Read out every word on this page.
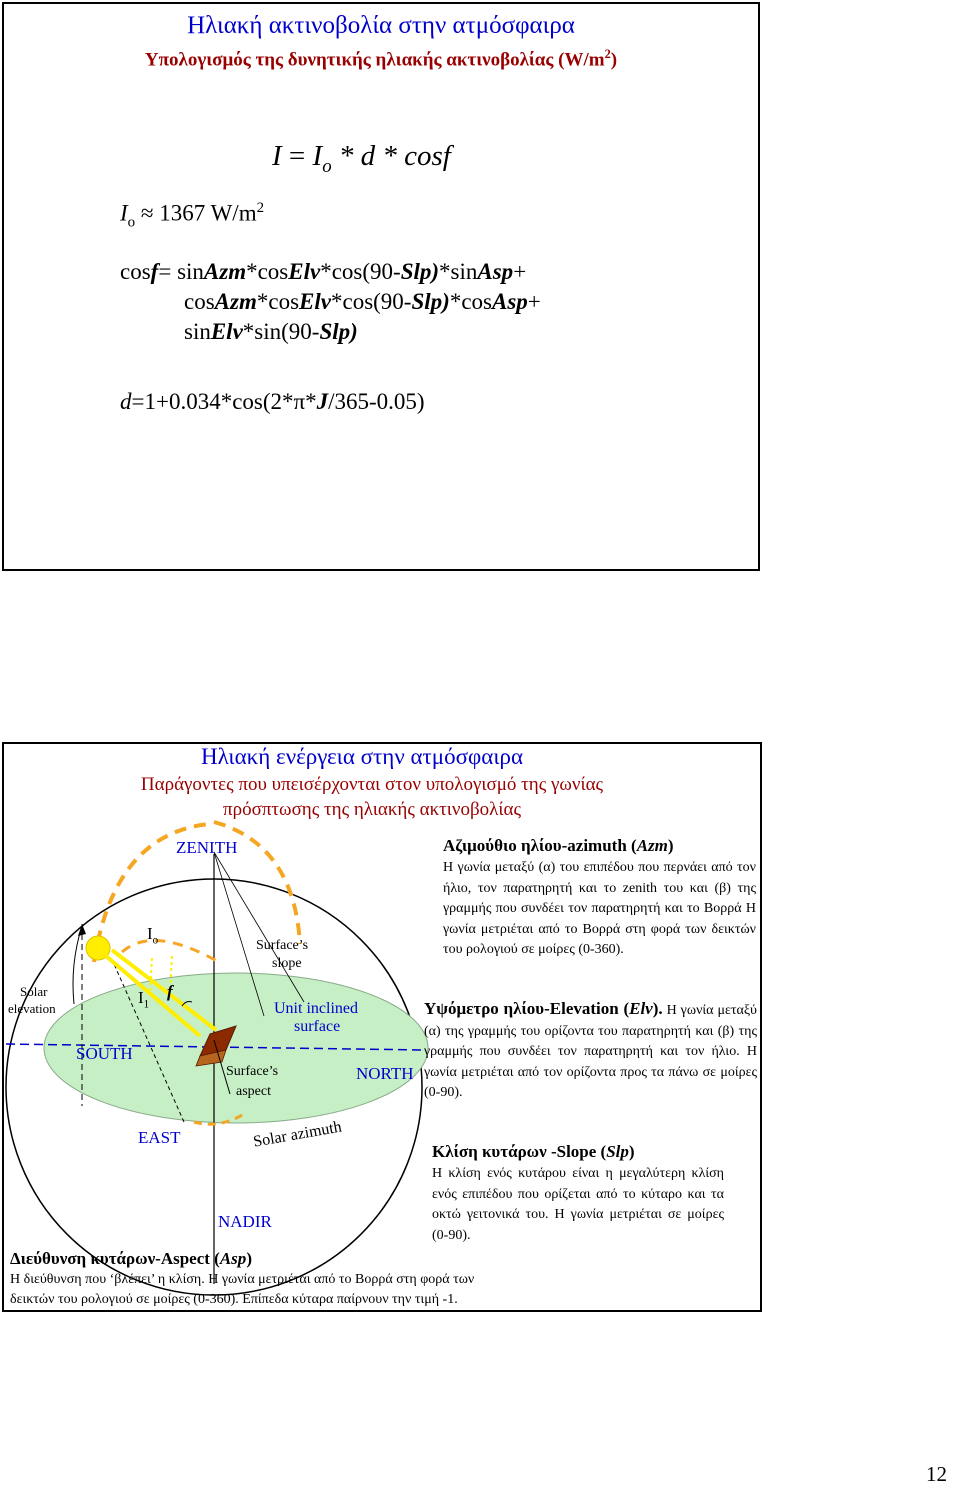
Ηλιακή ακτινοβολία στην ατμόσφαιρα
Υπολογισμός της δυνητικής ηλιακής ακτινοβολίας $(W/m^2)$
$I = I_o * d * \cos f$
$I_o \approx 1367$ $W/m^2$
cosf= sinAzm*cosElv*cos(90-Slp)*sinAsp+
cosAzm*cosElv*cos(90-Slp)*cosAsp+
sinElv*sin(90-Slp)
d=1+0.034*cos(2*π*J/365-0.05)
Ηλιακή ενέργεια στην ατμόσφαιρα
Παράγοντες που υπεισέρχονται στον υπολογισμό της γωνίας
πρόσπτωσης της ηλιακής ακτινοβολίας
ZENITH
NADIR
SOUTH
NORTH
EAST
Solar
elevation
$I_o$
$I_1$
f
Surface’s
slope
Unit inclined
surface
Surface’s
aspect
Solar azimuth
Αζιμούθιο ηλίου-azimuth (Azm)
Η γωνία μεταξύ (α) του επιπέδου που περνάει από τον ήλιο, τον παρατηρητή και το zenith του και (β) της γραμμής που συνδέει τον παρατηρητή και το Βορρά Η γωνία μετριέται από το Βορρά στη φορά των δεικτών του ρολογιού σε μοίρες (0-360).
Υψόμετρο ηλίου-Elevation (Elv). Η γωνία μεταξύ (α) της γραμμής του ορίζοντα του παρατηρητή και (β) της γραμμής που συνδέει τον παρατηρητή και τον ήλιο. Η γωνία μετριέται από τον ορίζοντα προς τα πάνω σε μοίρες (0-90).
Κλίση κυτάρων -Slope (Slp)
Η κλίση ενός κυτάρου είναι η μεγαλύτερη κλίση ενός επιπέδου που ορίζεται από το κύταρο και τα οκτώ γειτονικά του. Η γωνία μετριέται σε μοίρες (0-90).
Διεύθυνση κυτάρων-Aspect (Asp)
Η διεύθυνση που ‘βλέπει’ η κλίση. Η γωνία μετριέται από το Βορρά στη φορά των
δεικτών του ρολογιού σε μοίρες (0-360). Επίπεδα κύταρα παίρνουν την τιμή -1.
12
